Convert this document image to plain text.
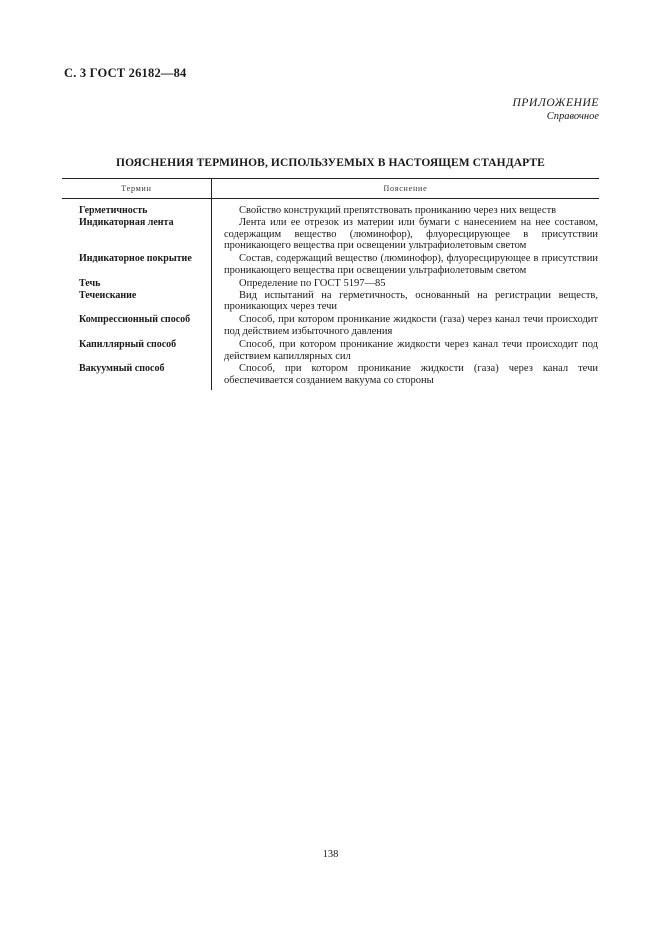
С. 3 ГОСТ 26182—84
ПРИЛОЖЕНИЕ
Справочное
ПОЯСНЕНИЯ ТЕРМИНОВ, ИСПОЛЬЗУЕМЫХ В НАСТОЯЩЕМ СТАНДАРТЕ
Термин	Пояснение
Герметичность	Свойство конструкций препятствовать проникани​ю через них веществ
Индикаторная лента	Лента или ее отрезок из материи или бумаги с нанесением на нее составом, содержащим вещество (люминофор), флуоресцирующее в присутствии проникающего вещества при освещении ультрафиолетовым светом
Индикаторное покрытие	Состав, содержащий вещество (люминофор), флуоресцирующее в присутствии проникающего вещества при освещении ультрафиолетовым светом
Течь	Определение по ГОСТ 5197—85
Течеискание	Вид испытаний на герметичность, основанный на регистрации веществ, проникающих через течи
Компрессионный способ	Способ, при котором проникание жидкости (газа) через канал течи происходит под действием избыточного давления
Капиллярный способ	Способ, при котором проникание жидкости через канал течи происходит под действием капиллярных сил
Вакуумный способ	Способ, при котором проникание жидкости (газа) через канал течи обеспечивается созданием вакуума со стороны
138
